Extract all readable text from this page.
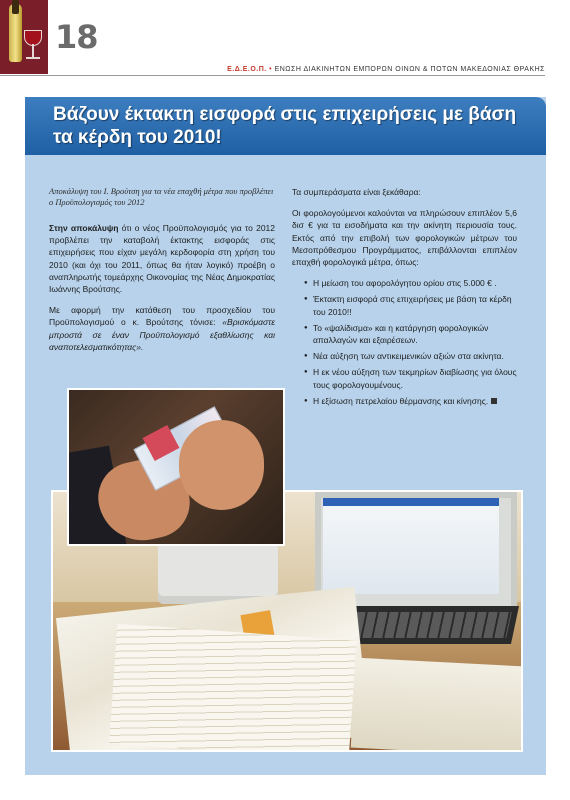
18
Ε.Δ.Ε.Ο.Π. • ΕΝΩΣΗ ΔΙΑΚΙΝΗΤΩΝ ΕΜΠΟΡΩΝ ΟΙΝΩΝ & ΠΟΤΩΝ ΜΑΚΕΔΟΝΙΑΣ ΘΡΑΚΗΣ
Βάζουν έκτακτη εισφορά στις επιχειρήσεις με βάση τα κέρδη του 2010!
Αποκάλυψη του Ι. Βρούτση για τα νέα επαχθή μέτρα που προβλέπει ο Προϋπολογισμός του 2012

Στην αποκάλυψη ότι ο νέος Προϋπολογισμός για το 2012 προβλέπει την καταβολή έκτακτης εισφοράς στις επιχειρήσεις που είχαν μεγάλη κερδοφορία στη χρήση του 2010 (και όχι του 2011, όπως θα ήταν λογικό) προέβη ο αναπληρωτής τομεάρχης Οικονομίας της Νέας Δημοκρατίας Ιωάννης Βρούτσης.

Με αφορμή την κατάθεση του προσχεδίου του Προϋπολογισμού ο κ. Βρούτσης τόνισε: «Βρισκόμαστε μπροστά σε έναν Προϋπολογισμό εξαθλίωσης και αναποτελεσματικότητας».

Τα συμπεράσματα είναι ξεκάθαρα:

Οι φορολογούμενοι καλούνται να πληρώσουν επιπλέον 5,6 δισ € για τα εισοδήματα και την ακίνητη περιουσία τους. Εκτός από την επιβολή των φορολογικών μέτρων του Μεσοπρόθεσμου Προγράμματος, επιβάλλονται επιπλέον επαχθή φορολογικά μέτρα, όπως:

● Η μείωση του αφορολόγητου ορίου στις 5.000 € .
● Έκτακτη εισφορά στις επιχειρήσεις με βάση τα κέρδη του 2010!!
● Το «ψαλίδισμα» και η κατάργηση φορολογικών απαλλαγών και εξαιρέσεων.
● Νέα αύξηση των αντικειμενικών αξιών στα ακίνητα.
● Η εκ νέου αύξηση των τεκμηρίων διαβίωσης για όλους τους φορολογουμένους.
● Η εξίσωση πετρελαίου θέρμανσης και κίνησης.
